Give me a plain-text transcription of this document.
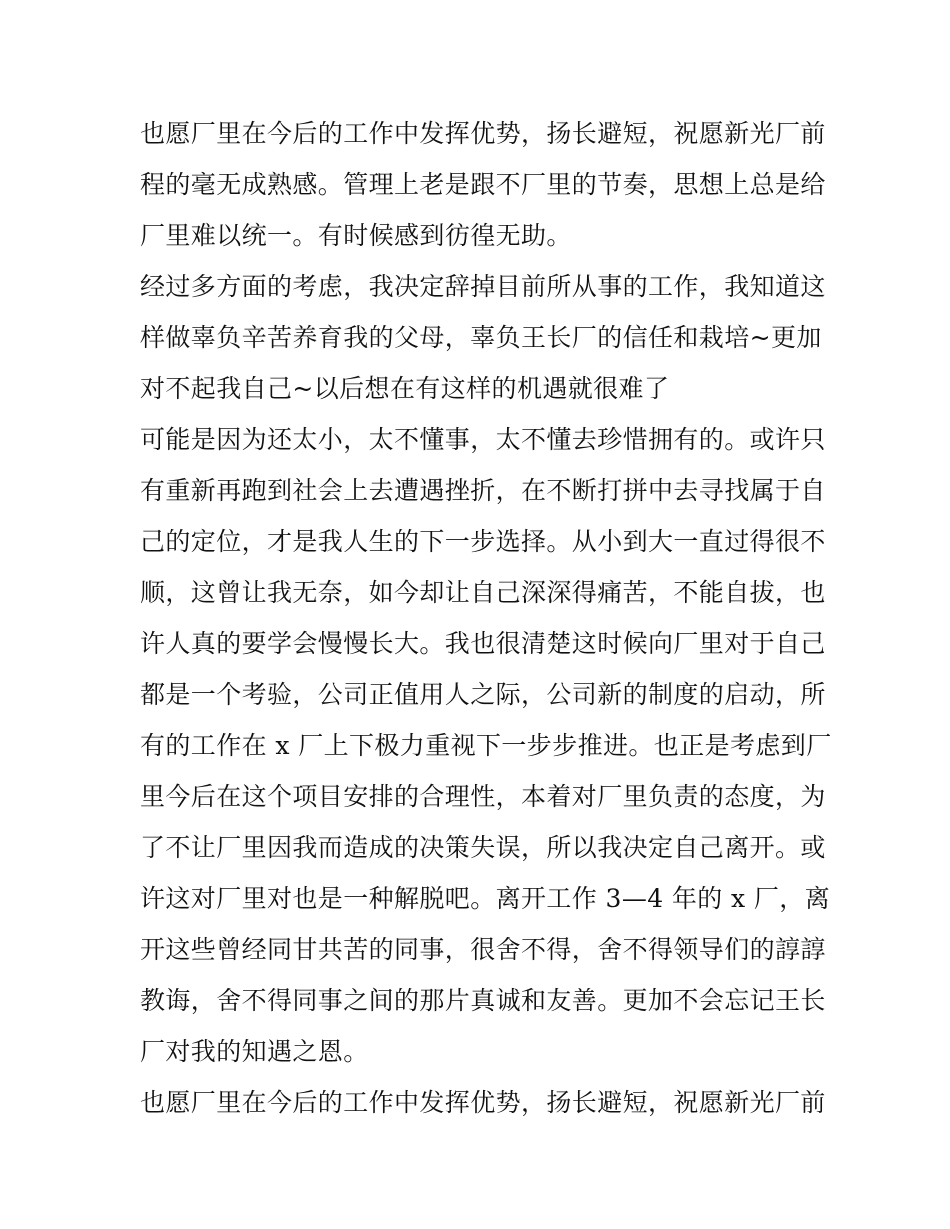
也愿厂里在今后的工作中发挥优势，扬长避短，祝愿新光厂前
程的毫无成熟感。管理上老是跟不厂里的节奏，思想上总是给
厂里难以统一。有时候感到彷徨无助。
经过多方面的考虑，我决定辞掉目前所从事的工作，我知道这
样做辜负辛苦养育我的父母，辜负王长厂的信任和栽培~更加
对不起我自己~以后想在有这样的机遇就很难了
可能是因为还太小，太不懂事，太不懂去珍惜拥有的。或许只
有重新再跑到社会上去遭遇挫折，在不断打拼中去寻找属于自
己的定位，才是我人生的下一步选择。从小到大一直过得很不
顺，这曾让我无奈，如今却让自己深深得痛苦，不能自拔，也
许人真的要学会慢慢长大。我也很清楚这时候向厂里对于自己
都是一个考验，公司正值用人之际，公司新的制度的启动，所
有的工作在 x 厂上下极力重视下一步步推进。也正是考虑到厂
里今后在这个项目安排的合理性，本着对厂里负责的态度，为
了不让厂里因我而造成的决策失误，所以我决定自己离开。或
许这对厂里对也是一种解脱吧。离开工作 3—4 年的 x 厂，离
开这些曾经同甘共苦的同事，很舍不得，舍不得领导们的諄諄
教诲，舍不得同事之间的那片真诚和友善。更加不会忘记王长
厂对我的知遇之恩。
也愿厂里在今后的工作中发挥优势，扬长避短，祝愿新光厂前
